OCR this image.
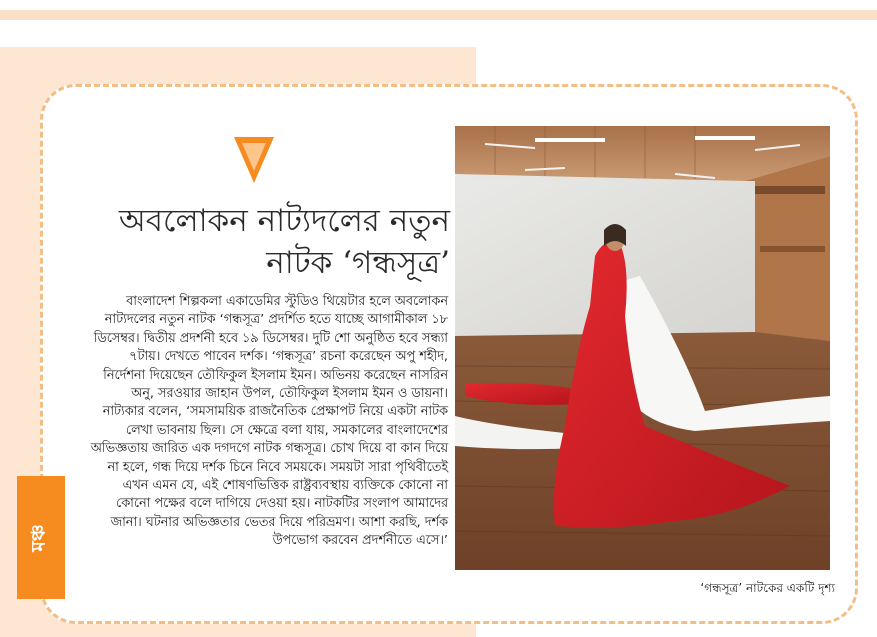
অবলোকন নাট্যদলের নতুন
নাটক ‘গন্ধসূত্র’

বাংলাদেশ শিল্পকলা একাডেমির স্টুডিও থিয়েটার হলে অবলোকন নাট্যদলের নতুন নাটক ‘গন্ধসূত্র’ প্রদর্শিত হতে যাচ্ছে আগামীকাল ১৮ ডিসেম্বর। দ্বিতীয় প্রদর্শনী হবে ১৯ ডিসেম্বর। দুটি শো অনুষ্ঠিত হবে সন্ধ্যা ৭টায়। দেখতে পাবেন দর্শক। ‘গন্ধসূত্র’ রচনা করেছেন অপু শহীদ, নির্দেশনা দিয়েছেন তৌফিকুল ইসলাম ইমন। অভিনয় করেছেন নাসরিন অনু, সরওয়ার জাহান উপল, তৌফিকুল ইসলাম ইমন ও ডায়না।

নাট্যকার বলেন, ‘সমসাময়িক রাজনৈতিক প্রেক্ষাপট নিয়ে একটা নাটক লেখা ভাবনায় ছিল। সে ক্ষেত্রে বলা যায়, সমকালের বাংলাদেশের অভিজ্ঞতায় জারিত এক দগদগে নাটক গন্ধসূত্র। চোখ দিয়ে বা কান দিয়ে না হলে, গন্ধ দিয়ে দর্শক চিনে নিবে সময়কে। সময়টা সারা পৃথিবীতেই এখন এমন যে, এই শোষণভিত্তিক রাষ্ট্রব্যবস্থায় ব্যক্তিকে কোনো না কোনো পক্ষের বলে দাগিয়ে দেওয়া হয়। নাটকটির সংলাপ আমাদের জানা। ঘটনার অভিজ্ঞতার ভেতর দিয়ে পরিভ্রমণ। আশা করছি, দর্শক উপভোগ করবেন প্রদর্শনীতে এসে।’

‘গন্ধসূত্র’ নাটকের একটি দৃশ্য
মঞ্চ
